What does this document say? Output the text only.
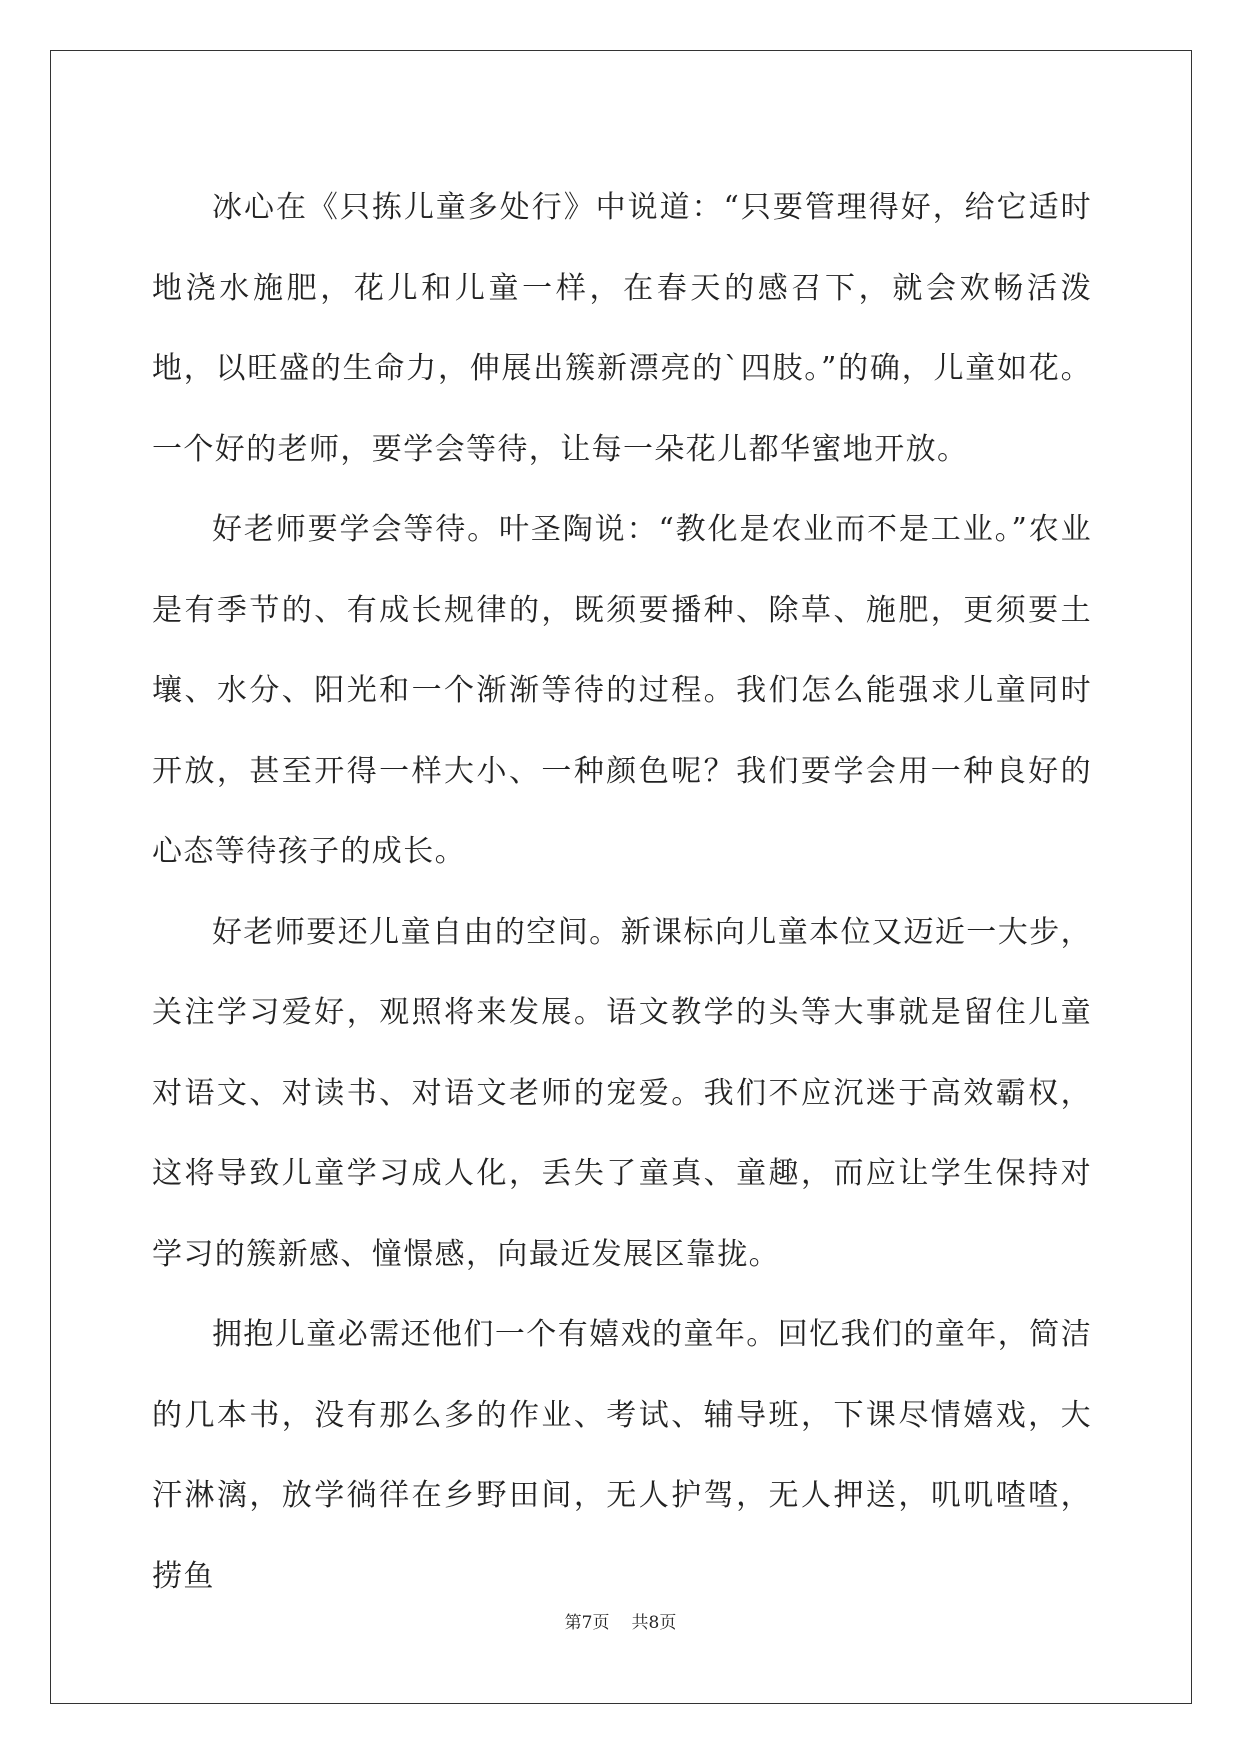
冰心在《只拣儿童多处行》中说道：“只要管理得好，给它适时地浇水施肥，花儿和儿童一样，在春天的感召下，就会欢畅活泼地，以旺盛的生命力，伸展出簇新漂亮的`四肢。”的确，儿童如花。一个好的老师，要学会等待，让每一朵花儿都华蜜地开放。

好老师要学会等待。叶圣陶说：“教化是农业而不是工业。”农业是有季节的、有成长规律的，既须要播种、除草、施肥，更须要土壤、水分、阳光和一个渐渐等待的过程。我们怎么能强求儿童同时开放，甚至开得一样大小、一种颜色呢？我们要学会用一种良好的心态等待孩子的成长。

好老师要还儿童自由的空间。新课标向儿童本位又迈近一大步，关注学习爱好，观照将来发展。语文教学的头等大事就是留住儿童对语文、对读书、对语文老师的宠爱。我们不应沉迷于高效霸权，这将导致儿童学习成人化，丢失了童真、童趣，而应让学生保持对学习的簇新感、憧憬感，向最近发展区靠拢。

拥抱儿童必需还他们一个有嬉戏的童年。回忆我们的童年，简洁的几本书，没有那么多的作业、考试、辅导班，下课尽情嬉戏，大汗淋漓，放学徜徉在乡野田间，无人护驾，无人押送，叽叽喳喳，捞鱼

第7页 共8页
